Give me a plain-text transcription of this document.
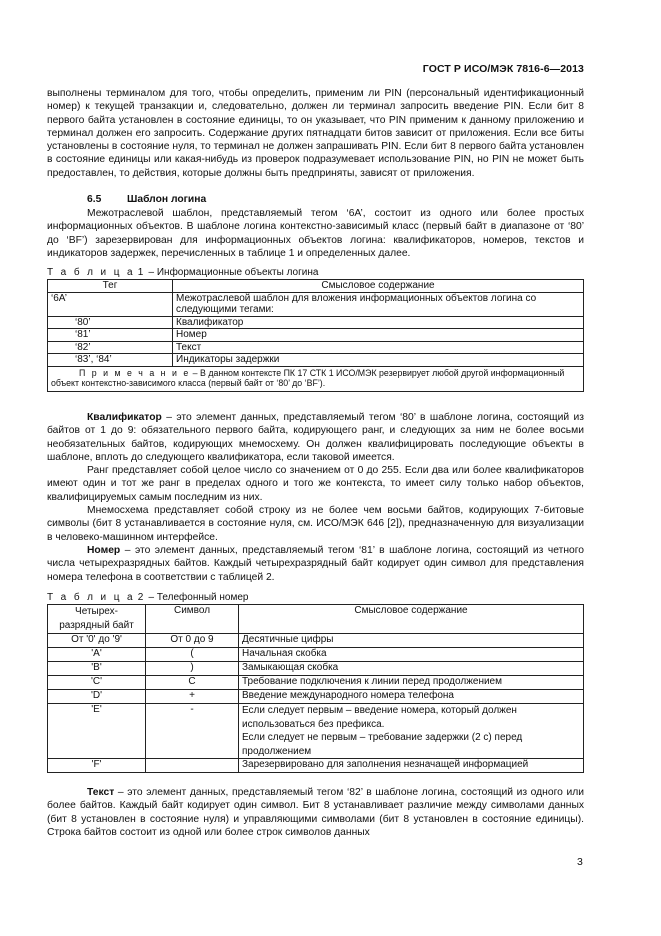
ГОСТ Р ИСО/МЭК 7816-6—2013

выполнены терминалом для того, чтобы определить, применим ли PIN (персональный идентификационный номер) к текущей транзакции и, следовательно, должен ли терминал запросить введение PIN. Если бит 8 первого байта установлен в состояние единицы, то он указывает, что PIN применим к данному приложению и терминал должен его запросить. Содержание других пятнадцати битов зависит от приложения. Если все биты установлены в состояние нуля, то терминал не должен запрашивать PIN. Если бит 8 первого байта установлен в состояние единицы или какая-нибудь из проверок подразумевает использование PIN, но PIN не может быть предоставлен, то действия, которые должны быть предприняты, зависят от приложения.

6.5 Шаблон логина

Межотраслевой шаблон, представляемый тегом ‘6A’, состоит из одного или более простых информационных объектов. В шаблоне логина контекстно-зависимый класс (первый байт в диапазоне от ‘80’ до ‘BF’) зарезервирован для информационных объектов логина: квалификаторов, номеров, текстов и индикаторов задержек, перечисленных в таблице 1 и определенных далее.

Т а б л и ц а 1 – Информационные объекты логина
Тег	Смысловое содержание
‘6A’	Межотраслевой шаблон для вложения информационных объектов логина со следующими тегами:
‘80’	Квалификатор
‘81’	Номер
‘82’	Текст
‘83’, ‘84’	Индикаторы задержки
П р и м е ч а н и е – В данном контексте ПК 17 СТК 1 ИСО/МЭК резервирует любой другой информационный объект контекстно-зависимого класса (первый байт от ‘80’ до ‘BF’).	

Квалификатор – это элемент данных, представляемый тегом ‘80’ в шаблоне логина, состоящий из байтов от 1 до 9: обязательного первого байта, кодирующего ранг, и следующих за ним не более восьми необязательных байтов, кодирующих мнемосхему. Он должен квалифицировать последующие объекты в шаблоне, вплоть до следующего квалификатора, если таковой имеется.

Ранг представляет собой целое число со значением от 0 до 255. Если два или более квалификаторов имеют один и тот же ранг в пределах одного и того же контекста, то имеет силу только набор объектов, квалифицируемых самым последним из них.

Мнемосхема представляет собой строку из не более чем восьми байтов, кодирующих 7-битовые символы (бит 8 устанавливается в состояние нуля, см. ИСО/МЭК 646 [2]), предназначенную для визуализации в человеко-машинном интерфейсе.

Номер – это элемент данных, представляемый тегом ‘81’ в шаблоне логина, состоящий из четного числа четырехразрядных байтов. Каждый четырехразрядный байт кодирует один символ для представления номера телефона в соответствии с таблицей 2.

Т а б л и ц а 2 – Телефонный номер
Четырех-разрядный байт	Символ	Смысловое содержание
От '0' до '9'	От 0 до 9	Десятичные цифры
'A'	(	Начальная скобка
'B'	)	Замыкающая скобка
'C'	C	Требование подключения к линии перед продолжением
'D'	+	Введение международного номера телефона
'E'	-	Если следует первым – введение номера, который должен использоваться без префикса.
Если следует не первым – требование задержки (2 с) перед продолжением

'F'		Зарезервировано для заполнения незначащей информацией

Текст – это элемент данных, представляемый тегом ‘82’ в шаблоне логина, состоящий из одного или более байтов. Каждый байт кодирует один символ. Бит 8 устанавливает различие между символами данных (бит 8 установлен в состояние нуля) и управляющими символами (бит 8 установлен в состояние единицы). Строка байтов состоит из одной или более строк символов данных

3
